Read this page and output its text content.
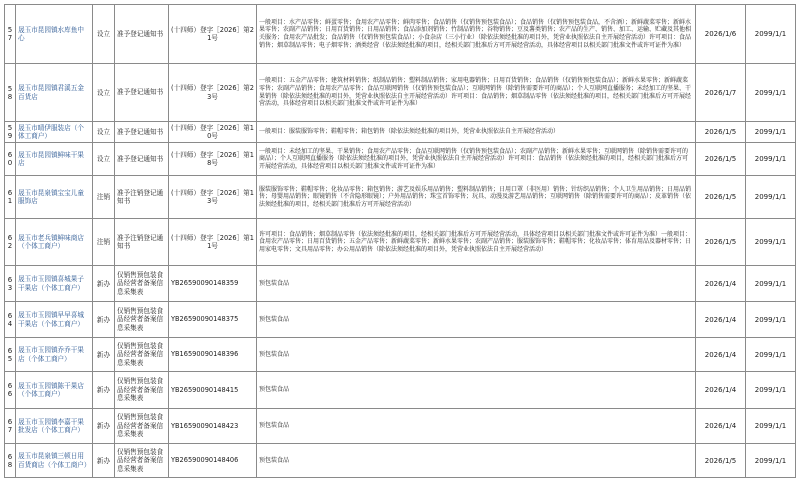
57	晟玉市昆园镇水库鱼中心	设立	准予登记通知书	(十四师）登字［2026］第21号	一般项目：水产品零售；鲜蛋零售；食用农产品零售；鲜肉零售；食品销售（仅销售预包装食品）；食品销售（仅销售预包装食品，不含酒）；新鲜蔬菜零售；新鲜水果零售；农副产品销售；日用百货销售；日用品销售；食品添加剂销售；竹制品销售；谷物销售；豆及薯类销售；农产品的生产、销售、加工、运输、贮藏及其他相关服务；食用农产品批发；食品销售（仅销售预包装食品）；小食杂店（三小行业）（除依法须经批准的项目外，凭营业执照依法自主开展经营活动）许可项目：食品销售；烟草制品零售；电子烟零售；酒类经营（依法须经批准的项目，经相关部门批准后方可开展经营活动，具体经营项目以相关部门批准文件或许可证件为准）	2026/1/6	2099/1/1
58	晟玉市昆园镇君溪五金百货店	设立	准予登记通知书	(十四师）登字［2026］第23号	一般项目：五金产品零售；建筑材料销售；纸制品销售；塑料制品销售；家用电器销售；日用百货销售；食品销售（仅销售预包装食品）；新鲜水果零售；新鲜蔬菜零售；农副产品销售；食用农产品零售；食品互联网销售（仅销售预包装食品）；互联网销售（除销售需要许可的商品）；个人互联网直播服务；未经加工的坚果、干果销售（除依法须经批准的项目外，凭营业执照依法自主开展经营活动）许可项目：食品销售；烟草制品零售（依法须经批准的项目，经相关部门批准后方可开展经营活动，具体经营项目以相关部门批准文件或许可证件为准）	2026/1/7	2099/1/1
59	晟玉市晴伊服装店（个体工商户）	设立	准予登记通知书	(十四师）登字［2026］第10号	一般项目：服装服饰零售；鞋帽零售；箱包销售（除依法须经批准的项目外，凭营业执照依法自主开展经营活动）	2026/1/5	2099/1/1
60	晟玉市昆园镇鲜味干果店	设立	准予登记通知书	(十四师）登字［2026］第18号	一般项目：未经加工的坚果、干果销售；食用农产品零售；食品互联网销售（仅销售预包装食品）；农副产品销售；新鲜水果零售；互联网销售（除销售需要许可的商品）；个人互联网直播服务（除依法须经批准的项目外，凭营业执照依法自主开展经营活动）许可项目：食品销售（依法须经批准的项目，经相关部门批准后方可开展经营活动，具体经营项目以相关部门批准文件或许可证件为准）	2026/1/5	2099/1/1
61	晟玉市昆泉镇宝宝儿童服饰店	注销	准予注销登记通知书	(十四师）登字［2026］第13号	服装服饰零售；鞋帽零售；化妆品零售；箱包销售；游艺及娱乐用品销售；塑料制品销售；日用口罩（非医用）销售；针纺织品销售；个人卫生用品销售；日用品销售；母婴用品销售；眼镜销售（不含隐形眼镜）；户外用品销售；珠宝首饰零售；玩具、动漫及游艺用品销售；互联网销售（除销售需要许可的商品）；皮革销售（依法须经批准的项目，经相关部门批准后方可开展经营活动）	2026/1/5	2099/1/1
62	晟玉市老兵镇鲜味商店（个体工商户）	注销	准予注销登记通知书	(十四师）登字［2026］第11号	许可项目：食品销售；烟草制品零售（依法须经批准的项目，经相关部门批准后方可开展经营活动，具体经营项目以相关部门批准文件或许可证件为准）一般项目：食用农产品零售；日用百货销售；五金产品零售；新鲜蔬菜零售；新鲜水果零售；农副产品销售；服装服饰零售；鞋帽零售；化妆品零售；体育用品及器材零售；日用家电零售；文具用品零售；办公用品销售（除依法须经批准的项目外，凭营业执照依法自主开展经营活动）	2026/1/5	2099/1/1
63	晟玉市玉园镇喜城果子干果店（个体工商户）	新办	仅销售预包装食品经营者备案信息采集表	YB26590090148359	预包装食品	2026/1/4	2099/1/1
64	晟玉市玉园镇早早喜城干果店（个体工商户）	新办	仅销售预包装食品经营者备案信息采集表	YB26590090148375	预包装食品	2026/1/4	2099/1/1
65	晟玉市玉园镇乔乔干果店（个体工商户）	新办	仅销售预包装食品经营者备案信息采集表	YB16590090148396	预包装食品	2026/1/4	2099/1/1
66	晟玉市玉园镇陈干果店（个体工商户）	新办	仅销售预包装食品经营者备案信息采集表	YB26590090148415	预包装食品	2026/1/4	2099/1/1
67	晟玉市玉园镇李嘉干果批发店（个体工商户）	新办	仅销售预包装食品经营者备案信息采集表	YB16590090148423	预包装食品	2026/1/4	2099/1/1
68	晟玉市昆泉镇三顿日用百货商店（个体工商户）	新办	仅销售预包装食品经营者备案信息采集表	YB26590090148406	预包装食品	2026/1/5	2099/1/1
